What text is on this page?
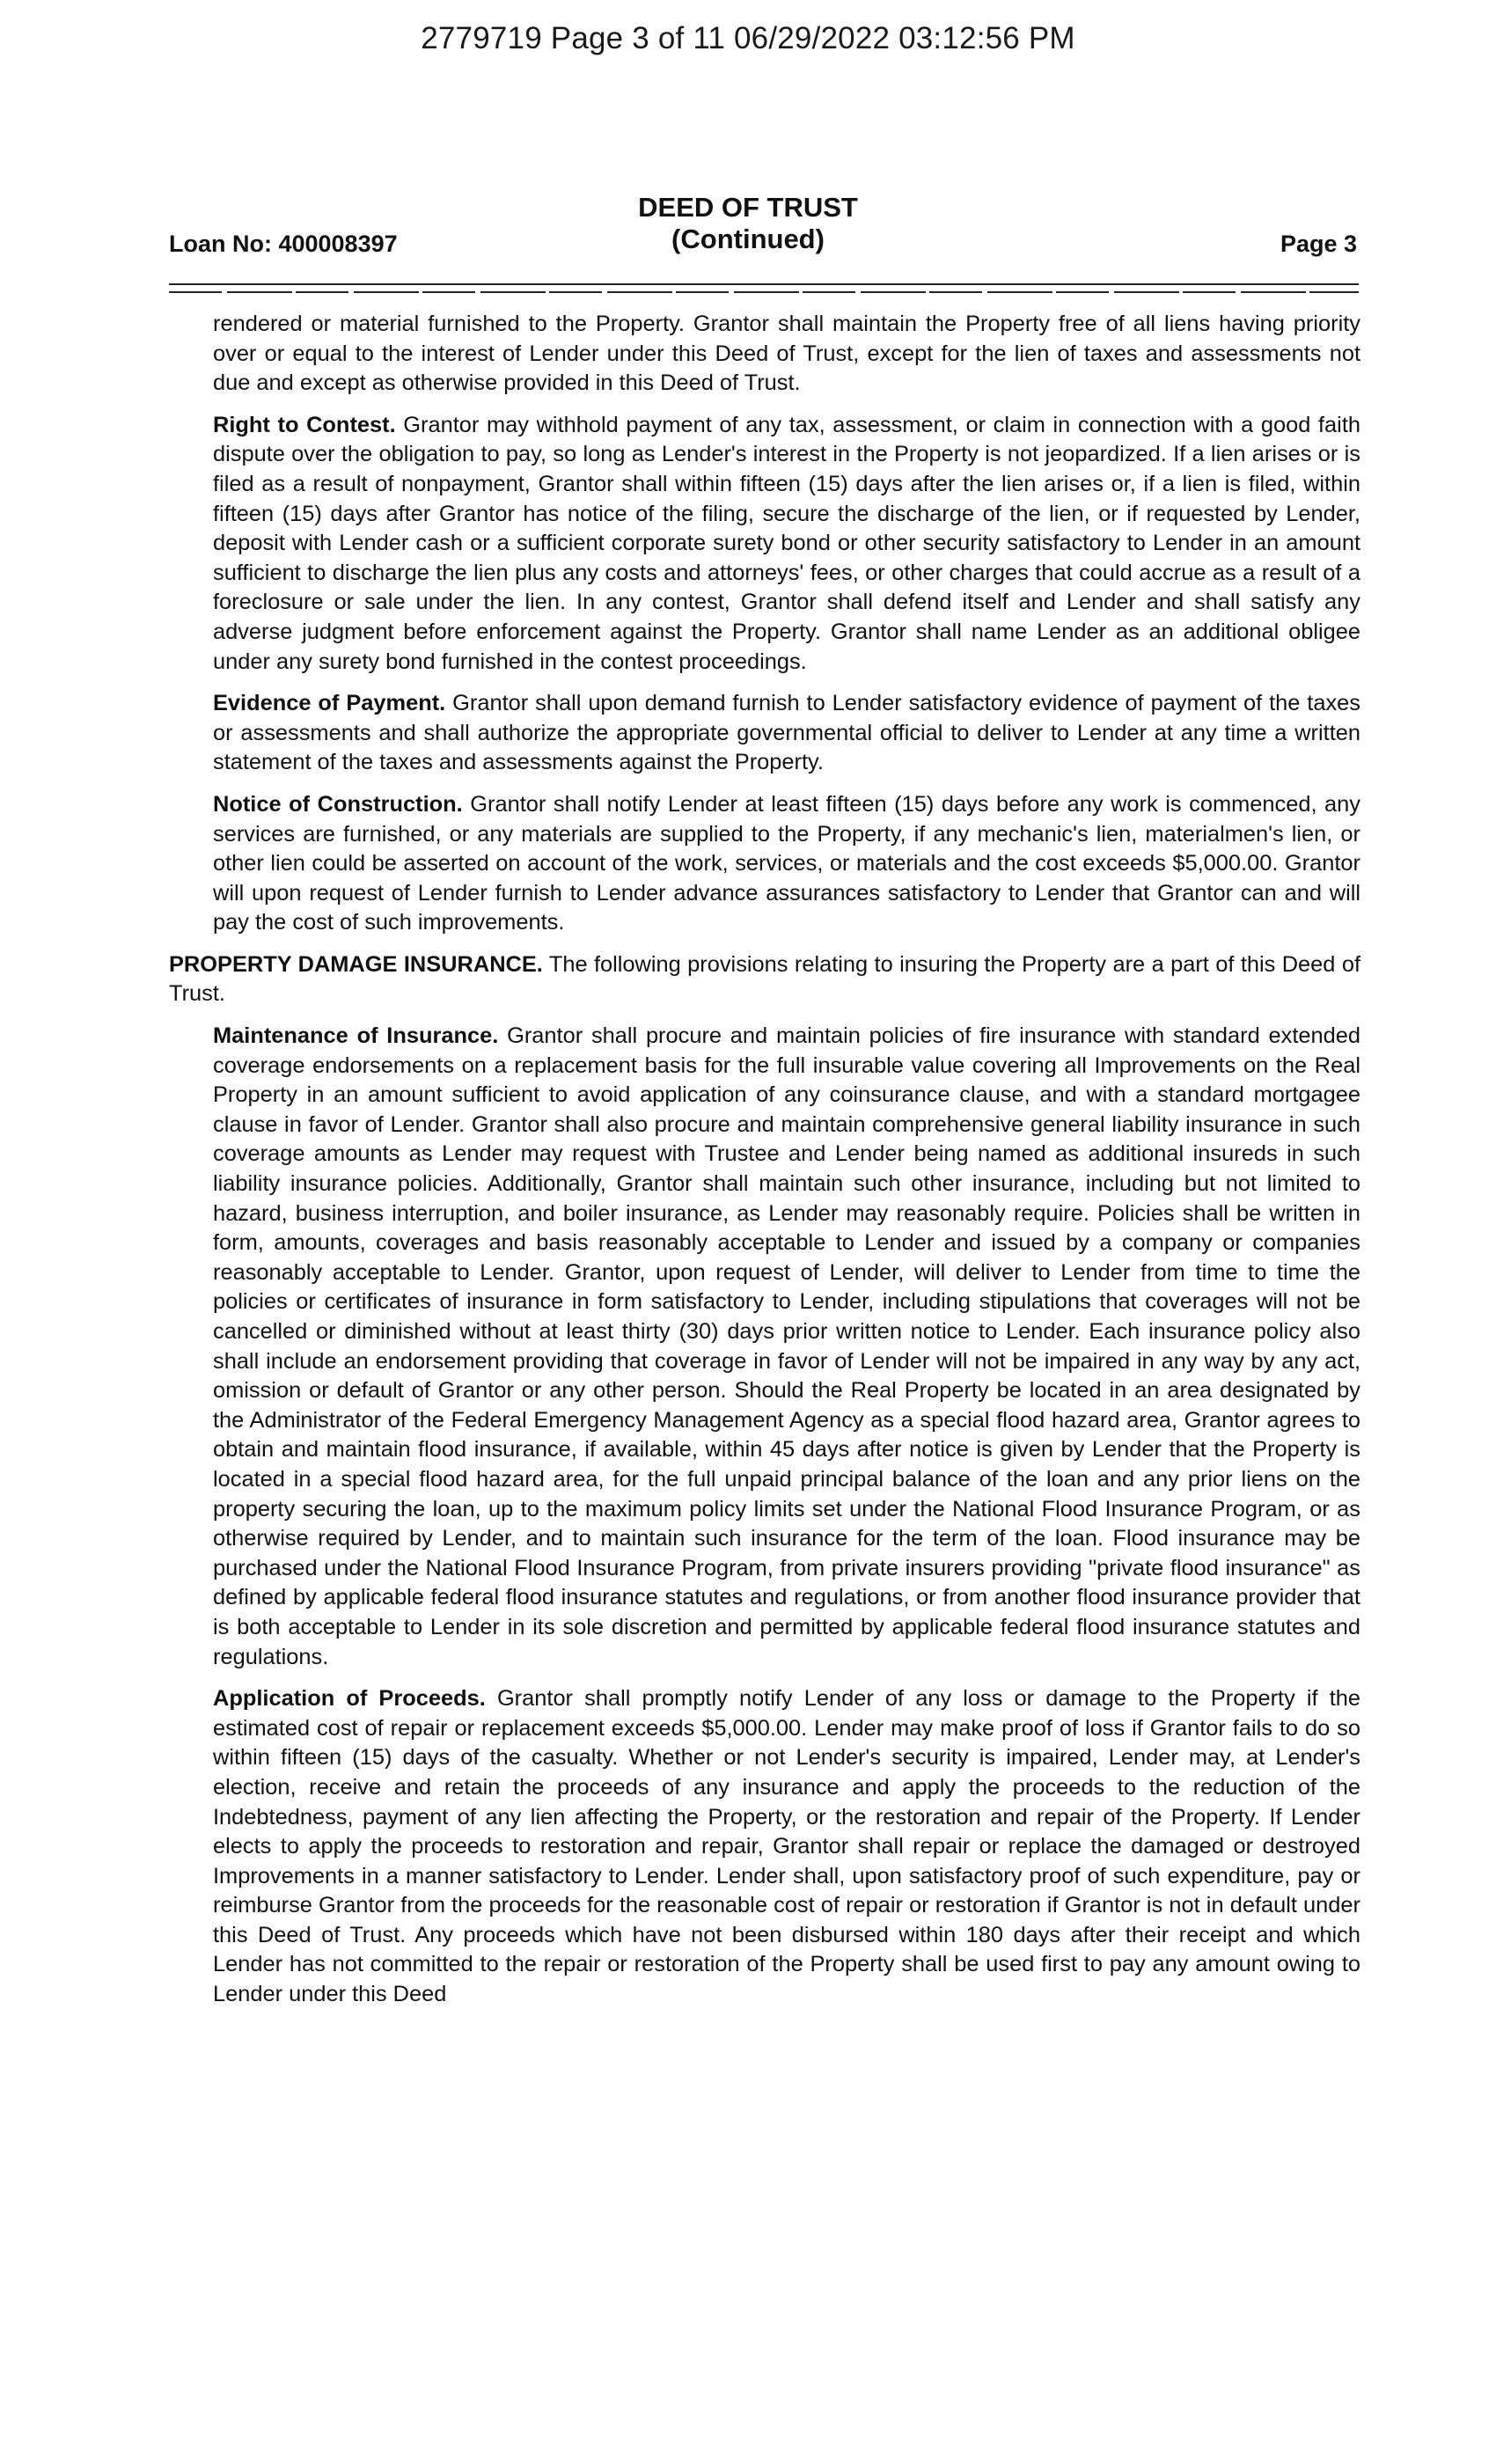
2779719 Page 3 of 11 06/29/2022 03:12:56 PM
DEED OF TRUST
(Continued)
Loan No: 400008397	Page 3

rendered or material furnished to the Property. Grantor shall maintain the Property free of all liens having priority over or equal to the interest of Lender under this Deed of Trust, except for the lien of taxes and assessments not due and except as otherwise provided in this Deed of Trust.

Right to Contest. Grantor may withhold payment of any tax, assessment, or claim in connection with a good faith dispute over the obligation to pay, so long as Lender's interest in the Property is not jeopardized. If a lien arises or is filed as a result of nonpayment, Grantor shall within fifteen (15) days after the lien arises or, if a lien is filed, within fifteen (15) days after Grantor has notice of the filing, secure the discharge of the lien, or if requested by Lender, deposit with Lender cash or a sufficient corporate surety bond or other security satisfactory to Lender in an amount sufficient to discharge the lien plus any costs and attorneys' fees, or other charges that could accrue as a result of a foreclosure or sale under the lien. In any contest, Grantor shall defend itself and Lender and shall satisfy any adverse judgment before enforcement against the Property. Grantor shall name Lender as an additional obligee under any surety bond furnished in the contest proceedings.

Evidence of Payment. Grantor shall upon demand furnish to Lender satisfactory evidence of payment of the taxes or assessments and shall authorize the appropriate governmental official to deliver to Lender at any time a written statement of the taxes and assessments against the Property.

Notice of Construction. Grantor shall notify Lender at least fifteen (15) days before any work is commenced, any services are furnished, or any materials are supplied to the Property, if any mechanic's lien, materialmen's lien, or other lien could be asserted on account of the work, services, or materials and the cost exceeds $5,000.00. Grantor will upon request of Lender furnish to Lender advance assurances satisfactory to Lender that Grantor can and will pay the cost of such improvements.

PROPERTY DAMAGE INSURANCE. The following provisions relating to insuring the Property are a part of this Deed of Trust.

Maintenance of Insurance. Grantor shall procure and maintain policies of fire insurance with standard extended coverage endorsements on a replacement basis for the full insurable value covering all Improvements on the Real Property in an amount sufficient to avoid application of any coinsurance clause, and with a standard mortgagee clause in favor of Lender. Grantor shall also procure and maintain comprehensive general liability insurance in such coverage amounts as Lender may request with Trustee and Lender being named as additional insureds in such liability insurance policies. Additionally, Grantor shall maintain such other insurance, including but not limited to hazard, business interruption, and boiler insurance, as Lender may reasonably require. Policies shall be written in form, amounts, coverages and basis reasonably acceptable to Lender and issued by a company or companies reasonably acceptable to Lender. Grantor, upon request of Lender, will deliver to Lender from time to time the policies or certificates of insurance in form satisfactory to Lender, including stipulations that coverages will not be cancelled or diminished without at least thirty (30) days prior written notice to Lender. Each insurance policy also shall include an endorsement providing that coverage in favor of Lender will not be impaired in any way by any act, omission or default of Grantor or any other person. Should the Real Property be located in an area designated by the Administrator of the Federal Emergency Management Agency as a special flood hazard area, Grantor agrees to obtain and maintain flood insurance, if available, within 45 days after notice is given by Lender that the Property is located in a special flood hazard area, for the full unpaid principal balance of the loan and any prior liens on the property securing the loan, up to the maximum policy limits set under the National Flood Insurance Program, or as otherwise required by Lender, and to maintain such insurance for the term of the loan. Flood insurance may be purchased under the National Flood Insurance Program, from private insurers providing "private flood insurance" as defined by applicable federal flood insurance statutes and regulations, or from another flood insurance provider that is both acceptable to Lender in its sole discretion and permitted by applicable federal flood insurance statutes and regulations.

Application of Proceeds. Grantor shall promptly notify Lender of any loss or damage to the Property if the estimated cost of repair or replacement exceeds $5,000.00. Lender may make proof of loss if Grantor fails to do so within fifteen (15) days of the casualty. Whether or not Lender's security is impaired, Lender may, at Lender's election, receive and retain the proceeds of any insurance and apply the proceeds to the reduction of the Indebtedness, payment of any lien affecting the Property, or the restoration and repair of the Property. If Lender elects to apply the proceeds to restoration and repair, Grantor shall repair or replace the damaged or destroyed Improvements in a manner satisfactory to Lender. Lender shall, upon satisfactory proof of such expenditure, pay or reimburse Grantor from the proceeds for the reasonable cost of repair or restoration if Grantor is not in default under this Deed of Trust. Any proceeds which have not been disbursed within 180 days after their receipt and which Lender has not committed to the repair or restoration of the Property shall be used first to pay any amount owing to Lender under this Deed
